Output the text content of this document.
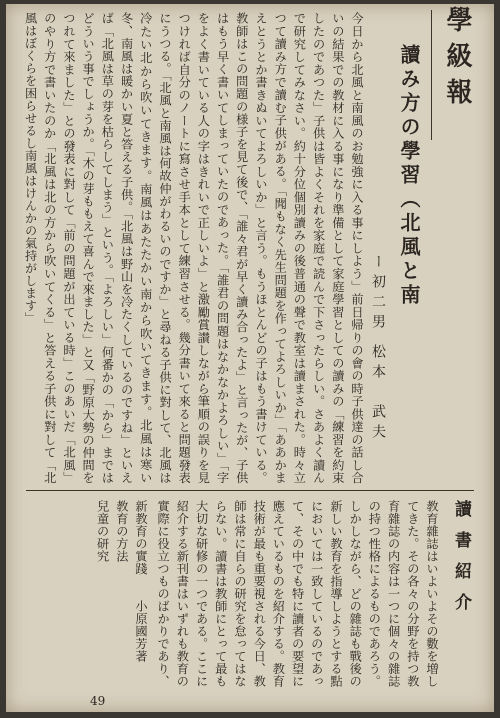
學級報
讀み方の學習（北風と南
ー初二男
松本　武夫
今日から北風と南風のお勉強に入る事にしよう」前日帰りの會の時子供達の話し合いの結果での教材に入る事になり準備として家庭學習としての讀みの「練習を約束したのであつた」子供は皆よくそれを家庭で読んで下さったらしい。さあよく讀んで研究してみなさい。約十分位個別讀みの後普通の聲で教室は讀まされた。時々立つて讀み方で讀む子供がある。「聞もなく先生問題を作ってよろしいか」「ああかまえとうとか書きぬいてよろしいか」と言う。もうほとんどの子はもう書けている。教師はこの問題の様子を見て後で、「誰々君が早く讀み合ったよ」と言ったが、子供はもう早く書いてしまっていたのであった。「誰君の問題はなかなかよろしい」「字をよく書いている人の字はきれいで正しいよ」と激勵賞讃しながら筆順の誤りを見つければ自分のノートに寫させ手本として練習させる。幾分書いて來ると問題發表にうつる。「北風と南風は何故仲がわるいのですか」と尋ねる子供に對して、北風は冷たい北から吹いてきます。南風はあたたかい南から吹いてきます。北風は寒い冬、南風は暖かい夏と答える子供。「北風は野山を冷たくしているのですね」といえば「北風は草の芽を枯らしてしまう」という。「よろしい」何番かの「から」まではどういう事でしょうか。「木の芽ももえて喜んで來ました」と又「野原大勢の仲間をつれて來ました」との發表に對して「前の問題が出ている時」このあいだ「北風」のやり方で書いたのか「北風は北の方から吹いてくる」と答える子供に對して「北風はぼくらを困らせるし南風はけんかの氣持がします」
讀書紹介
教育雜誌はいよいよその數を増してきた。その各々の分野を持つ教育雜誌の内容は一つに個々の雜誌の持つ性格によるものであろう。しかしながら、どの雜誌も戰後の新しい教育を指導しようとする點においては一致しているのであって、その中でも特に讀者の要望に應えているものを紹介する。教育技術が最も重要視される今日、教師は常に自らの研究を怠ってはならない。讀書は教師にとって最も大切な研修の一つである。ここに紹介する新刊書はいずれも教育の實際に役立つものばかりであり、
新教育の實踐　　小原國芳著
教育の方法　　　　　　
兒童の研究　　　　　　
49
